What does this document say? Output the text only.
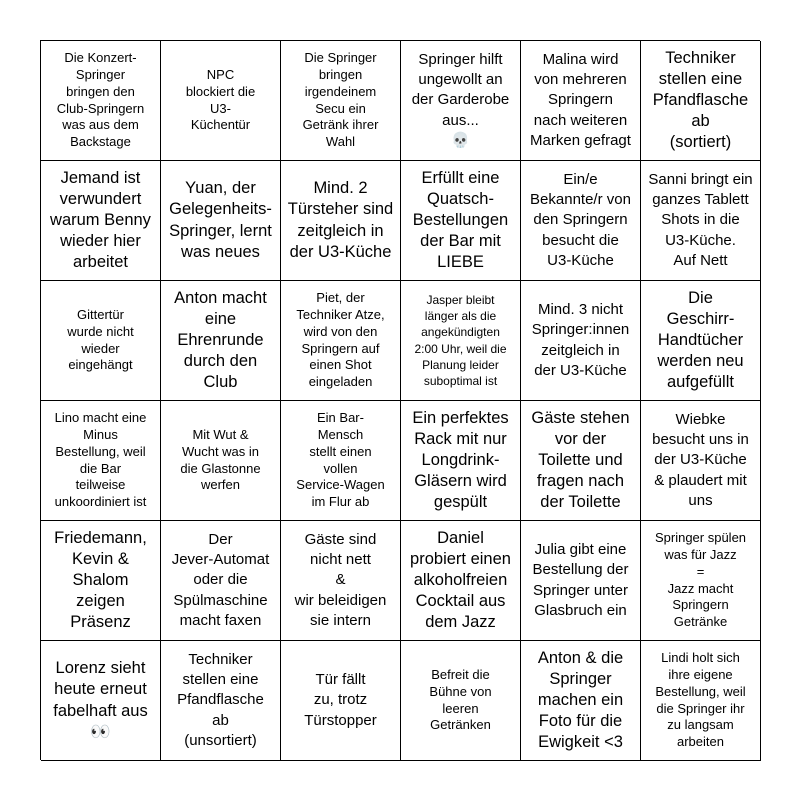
Die Konzert-
Springer
bringen den
Club-Springern
was aus dem
Backstage
NPC
blockiert die
U3-
Küchentür
Die Springer
bringen
irgendeinem
Secu ein
Getränk ihrer
Wahl
Springer hilft
ungewollt an
der Garderobe
aus...
💀
Malina wird
von mehreren
Springern
nach weiteren
Marken gefragt
Techniker
stellen eine
Pfandflasche
ab
(sortiert)
Jemand ist
verwundert
warum Benny
wieder hier
arbeitet
Yuan, der
Gelegenheits-
Springer, lernt
was neues
Mind. 2
Türsteher sind
zeitgleich in
der U3-Küche
Erfüllt eine
Quatsch-
Bestellungen
der Bar mit
LIEBE
Ein/e
Bekannte/r von
den Springern
besucht die
U3-Küche
Sanni bringt ein
ganzes Tablett
Shots in die
U3-Küche.
Auf Nett
Gittertür
wurde nicht
wieder
eingehängt
Anton macht
eine
Ehrenrunde
durch den
Club
Piet, der
Techniker Atze,
wird von den
Springern auf
einen Shot
eingeladen
Jasper bleibt
länger als die
angekündigten
2:00 Uhr, weil die
Planung leider
suboptimal ist
Mind. 3 nicht
Springer:innen
zeitgleich in
der U3-Küche
Die
Geschirr-
Handtücher
werden neu
aufgefüllt
Lino macht eine
Minus
Bestellung, weil
die Bar
teilweise
unkoordiniert ist
Mit Wut &
Wucht was in
die Glastonne
werfen
Ein Bar-
Mensch
stellt einen
vollen
Service-Wagen
im Flur ab
Ein perfektes
Rack mit nur
Longdrink-
Gläsern wird
gespült
Gäste stehen
vor der
Toilette und
fragen nach
der Toilette
Wiebke
besucht uns in
der U3-Küche
& plaudert mit
uns
Friedemann,
Kevin &
Shalom
zeigen
Präsenz
Der
Jever-Automat
oder die
Spülmaschine
macht faxen
Gäste sind
nicht nett
&
wir beleidigen
sie intern
Daniel
probiert einen
alkoholfreien
Cocktail aus
dem Jazz
Julia gibt eine
Bestellung der
Springer unter
Glasbruch ein
Springer spülen
was für Jazz
=
Jazz macht
Springern
Getränke
Lorenz sieht
heute erneut
fabelhaft aus
👀
Techniker
stellen eine
Pfandflasche
ab
(unsortiert)
Tür fällt
zu, trotz
Türstopper
Befreit die
Bühne von
leeren
Getränken
Anton & die
Springer
machen ein
Foto für die
Ewigkeit <3
Lindi holt sich
ihre eigene
Bestellung, weil
die Springer ihr
zu langsam
arbeiten
